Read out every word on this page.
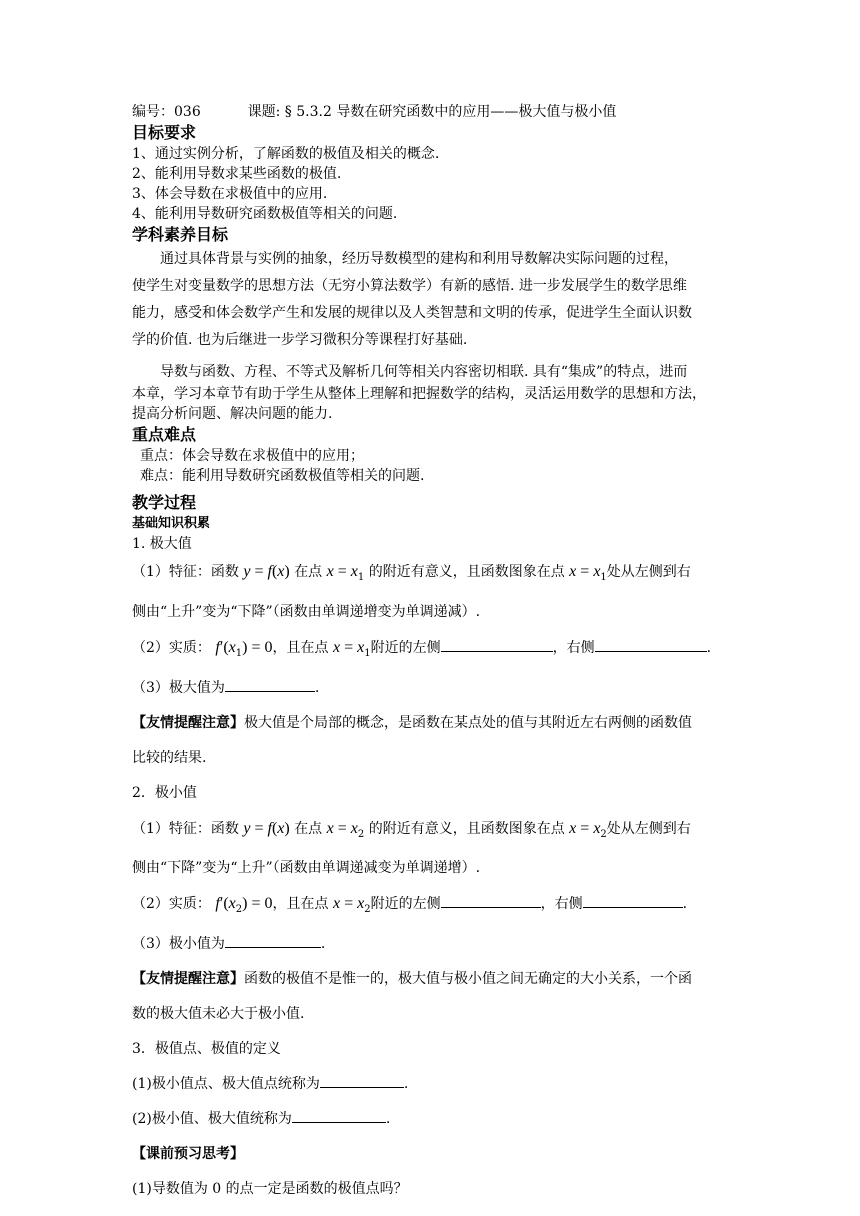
编号：036	课题: § 5.3.2 导数在研究函数中的应用——极大值与极小值
目标要求
1、通过实例分析，了解函数的极值及相关的概念.
2、能利用导数求某些函数的极值.
3、体会导数在求极值中的应用.
4、能利用导数研究函数极值等相关的问题.
学科素养目标
通过具体背景与实例的抽象，经历导数模型的建构和利用导数解决实际问题的过程，
使学生对变量数学的思想方法（无穷小算法数学）有新的感悟. 进一步发展学生的数学思维
能力，感受和体会数学产生和发展的规律以及人类智慧和文明的传承，促进学生全面认识数
学的价值. 也为后继进一步学习微积分等课程打好基础.
导数与函数、方程、不等式及解析几何等相关内容密切相联. 具有“集成”的特点，进而
本章，学习本章节有助于学生从整体上理解和把握数学的结构，灵活运用数学的思想和方法，
提高分析问题、解决问题的能力.
重点难点
重点：体会导数在求极值中的应用；
难点：能利用导数研究函数极值等相关的问题.
教学过程
基础知识积累
1. 极大值
（1）特征：函数 y = f(x) 在点 $x = x_1$ 的附近有意义，且函数图象在点 $x = x_1$处从左侧到右
侧由“上升”变为“下降”（函数由单调递增变为单调递减）.
（2）实质： $f'(x_1) = 0$，且在点 $x = x_1$附近的左侧	，右侧	.
（3）极大值为	.
【友情提醒注意】极大值是个局部的概念，是函数在某点处的值与其附近左右两侧的函数值
比较的结果.
2．极小值
（1）特征：函数 y = f(x) 在点 $x = x_2$ 的附近有意义，且函数图象在点 $x = x_2$处从左侧到右
侧由“下降”变为“上升”（函数由单调递减变为单调递增）.
（2）实质： $f'(x_2) = 0$，且在点 $x = x_2$附近的左侧	，右侧	.
（3）极小值为	.
【友情提醒注意】函数的极值不是惟一的，极大值与极小值之间无确定的大小关系，一个函
数的极大值未必大于极小值.
3．极值点、极值的定义
(1)极小值点、极大值点统称为	.
(2)极小值、极大值统称为	.
【课前预习思考】
(1)导数值为 0 的点一定是函数的极值点吗？
